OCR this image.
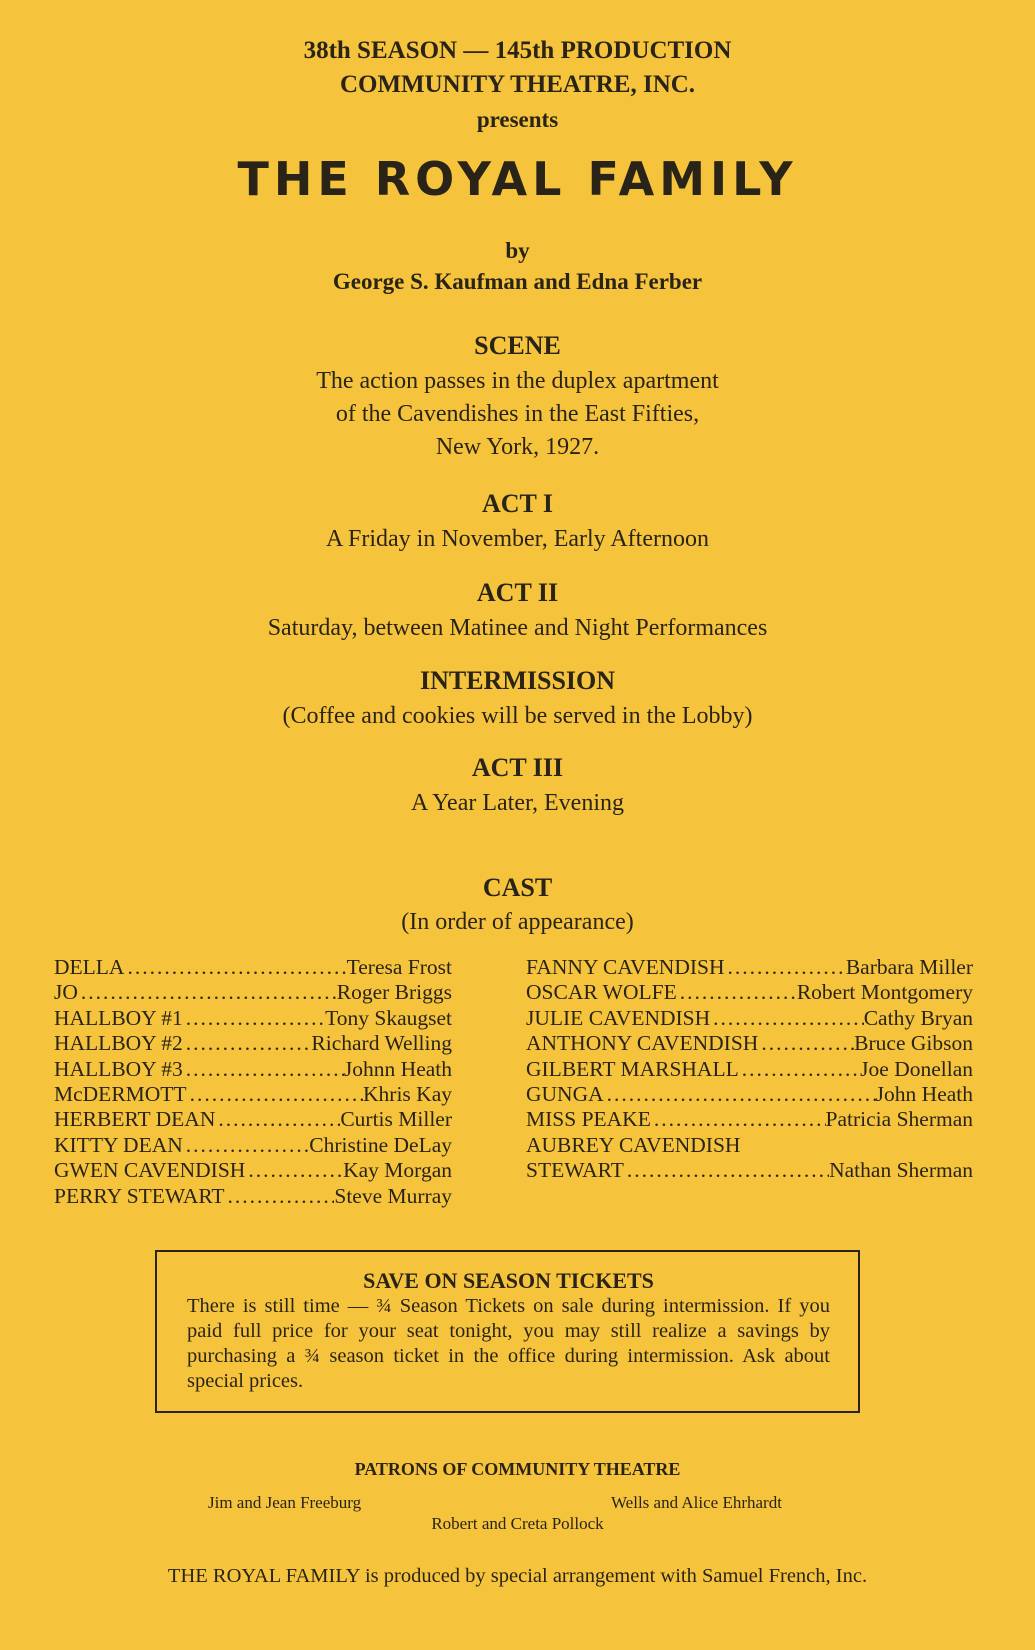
38th SEASON — 145th PRODUCTION
COMMUNITY THEATRE, INC.
presents
THE ROYAL FAMILY
by
George S. Kaufman and Edna Ferber
SCENE
The action passes in the duplex apartment
of the Cavendishes in the East Fifties,
New York, 1927.
ACT I
A Friday in November, Early Afternoon
ACT II
Saturday, between Matinee and Night Performances
INTERMISSION
(Coffee and cookies will be served in the Lobby)
ACT III
A Year Later, Evening
CAST
(In order of appearance)
DELLA .....	Teresa Frost
JO .....	Roger Briggs
HALLBOY #1 .....	Tony Skaugset
HALLBOY #2 .....	Richard Welling
HALLBOY #3 .....	Johnn Heath
McDERMOTT .....	Khris Kay
HERBERT DEAN .....	Curtis Miller
KITTY DEAN .....	Christine DeLay
GWEN CAVENDISH .....	Kay Morgan
PERRY STEWART .....	Steve Murray
FANNY CAVENDISH .....	Barbara Miller
OSCAR WOLFE .....	Robert Montgomery
JULIE CAVENDISH .....	Cathy Bryan
ANTHONY CAVENDISH .....	Bruce Gibson
GILBERT MARSHALL .....	Joe Donellan
GUNGA .....	John Heath
MISS PEAKE .....	Patricia Sherman
AUBREY CAVENDISH
STEWART .....	Nathan Sherman
SAVE ON SEASON TICKETS
There is still time — ¾ Season Tickets on sale during intermission. If you paid full price for your seat tonight, you may still realize a savings by purchasing a ¾ season ticket in the office during intermission. Ask about special prices.
PATRONS OF COMMUNITY THEATRE
Jim and Jean Freeburg	Wells and Alice Ehrhardt
Robert and Creta Pollock
THE ROYAL FAMILY is produced by special arrangement with Samuel French, Inc.
